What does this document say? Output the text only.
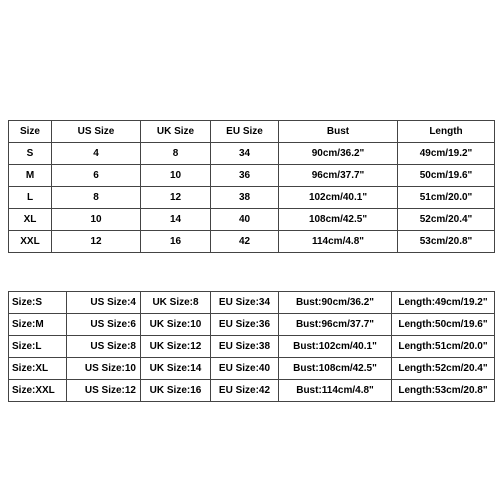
Size	US Size	UK Size	EU Size	Bust	Length
S	4	8	34	90cm/36.2"	49cm/19.2"
M	6	10	36	96cm/37.7"	50cm/19.6"
L	8	12	38	102cm/40.1"	51cm/20.0"
XL	10	14	40	108cm/42.5"	52cm/20.4"
XXL	12	16	42	114cm/4.8"	53cm/20.8"
Size:S	US Size:4	UK Size:8	EU Size:34	Bust:90cm/36.2"	Length:49cm/19.2"
Size:M	US Size:6	UK Size:10	EU Size:36	Bust:96cm/37.7"	Length:50cm/19.6"
Size:L	US Size:8	UK Size:12	EU Size:38	Bust:102cm/40.1"	Length:51cm/20.0"
Size:XL	US Size:10	UK Size:14	EU Size:40	Bust:108cm/42.5"	Length:52cm/20.4"
Size:XXL	US Size:12	UK Size:16	EU Size:42	Bust:114cm/4.8"	Length:53cm/20.8"
